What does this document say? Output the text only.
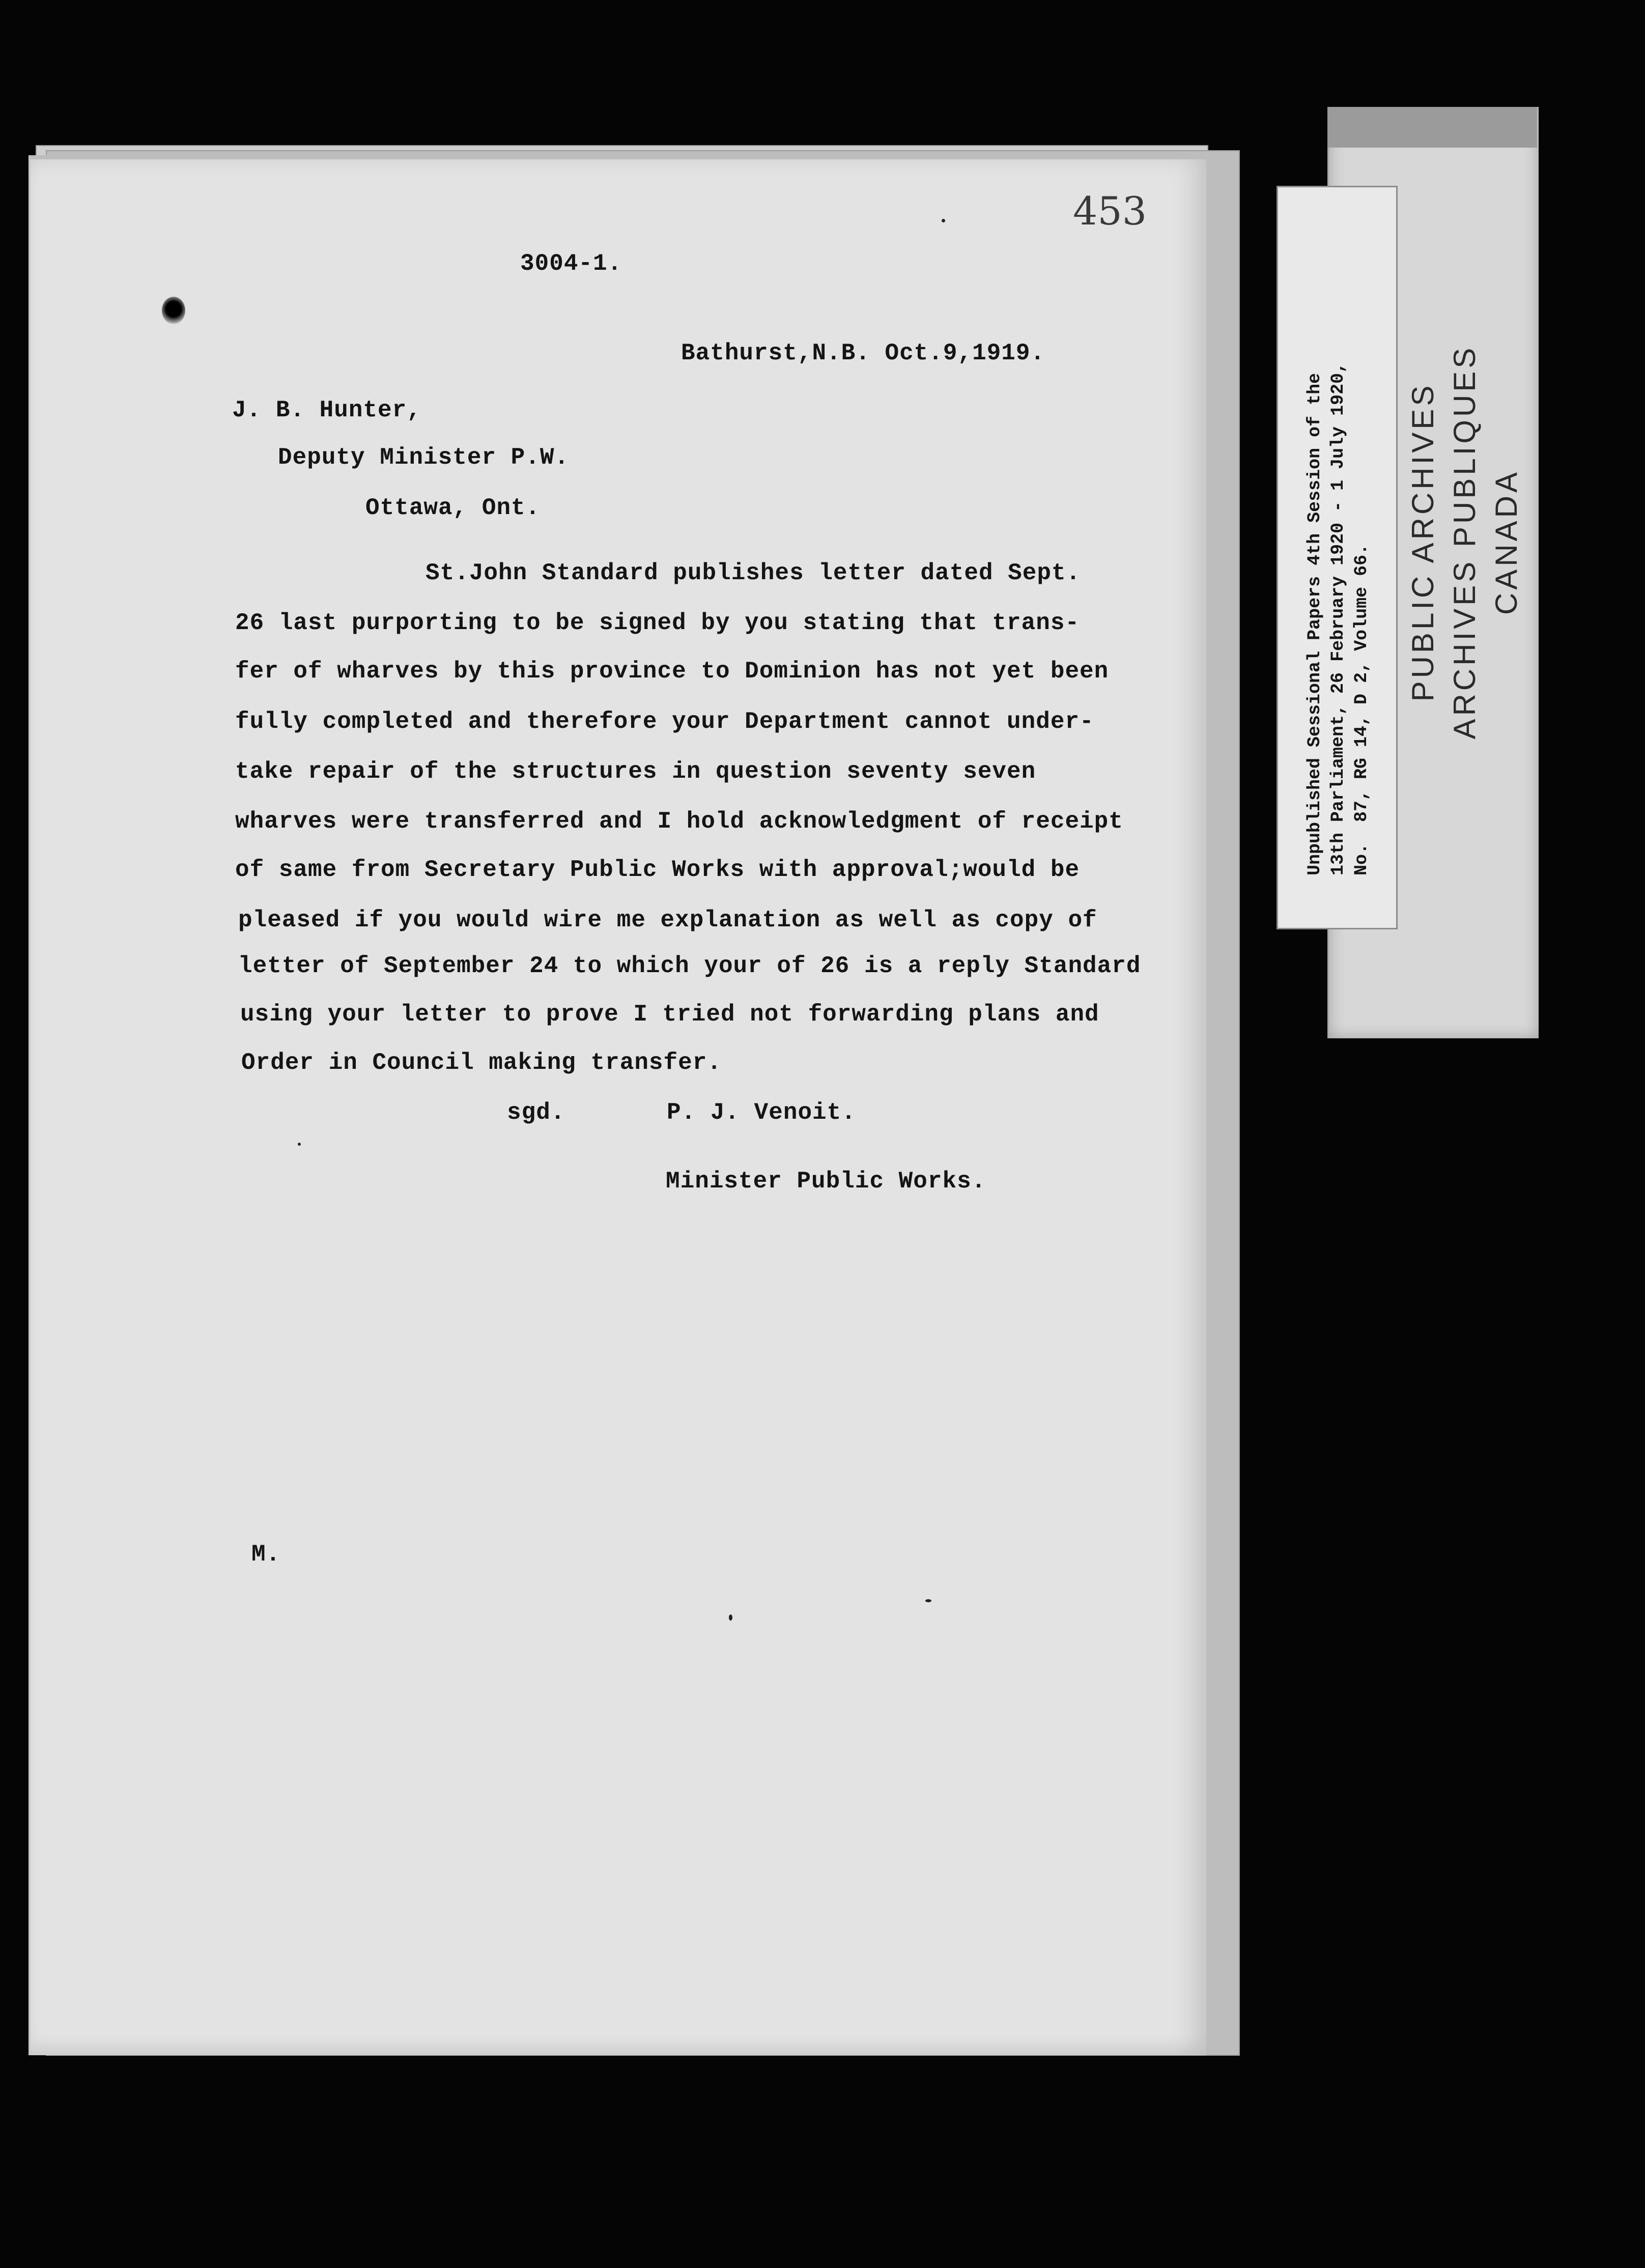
Unpublished Sessional Papers 4th Session of the 13th Parliament, 26 February 1920 - 1 July 1920, No.  87, RG 14, D 2, Volume 66.
PUBLIC ARCHIVES ARCHIVES PUBLIQUES CANADA
453
3004-1.
Bathurst,N.B. Oct.9,1919.
J. B. Hunter,
Deputy Minister P.W.
Ottawa, Ont.
St.John Standard publishes letter dated Sept.
26 last purporting to be signed by you stating that trans-
fer of wharves by this province to Dominion has not yet been
fully completed and therefore your Department cannot under-
take repair of the structures in question seventy seven
wharves were transferred and I hold acknowledgment of receipt
of same from Secretary Public Works with approval;would be
pleased if you would wire me explanation as well as copy of
letter of September 24 to which your of 26 is a reply Standard
using your letter to prove I tried not forwarding plans and
Order in Council making transfer.
sgd.	P. J. Venoit.
Minister Public Works.
M.
